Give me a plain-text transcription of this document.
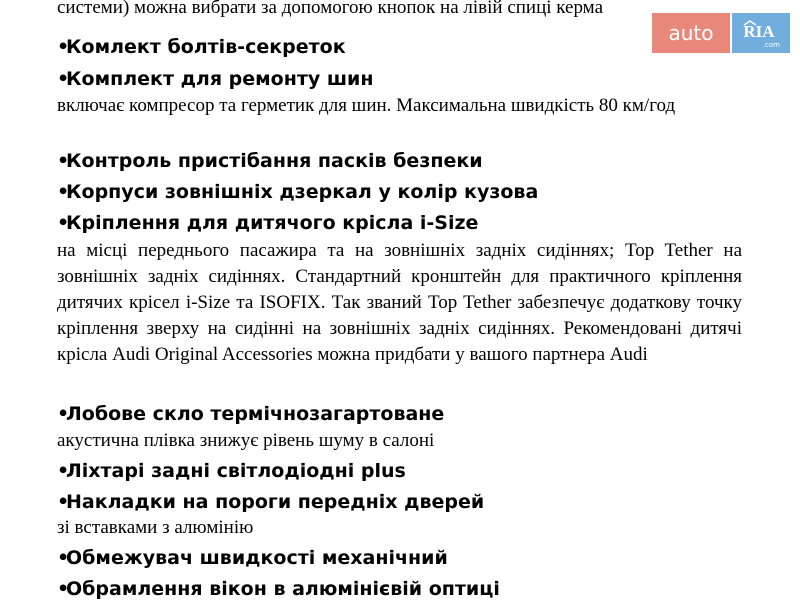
системи) можна вибрати за допомогою кнопок на лівій спиці керма
•Комлект болтів-секреток
•Комплект для ремонту шин
включає компресор та герметик для шин. Максимальна швидкість 80 км/год
•Контроль пристібання пасків безпеки
•Корпуси зовнішніх дзеркал у колір кузова
•Кріплення для дитячого крісла i-Size
на місці переднього пасажира та на зовнішніх задніх сидіннях; Top Tether на зовнішніх задніх сидіннях. Стандартний кронштейн для практичного кріплення дитячих крісел i-Size та ISOFIX. Так званий Top Tether забезпечує додаткову точку кріплення зверху на сидінні на зовнішніх задніх сидіннях. Рекомендовані дитячі крісла Audi Original Accessories можна придбати у вашого партнера Audi
•Лобове скло термічнозагартоване
акустична плівка знижує рівень шуму в салоні
•Ліхтарі задні світлодіодні plus
•Накладки на пороги передніх дверей
зі вставками з алюмінію
•Обмежувач швидкості механічний
•Обрамлення вікон в алюмінієвій оптиці
auto	RIA
.com
